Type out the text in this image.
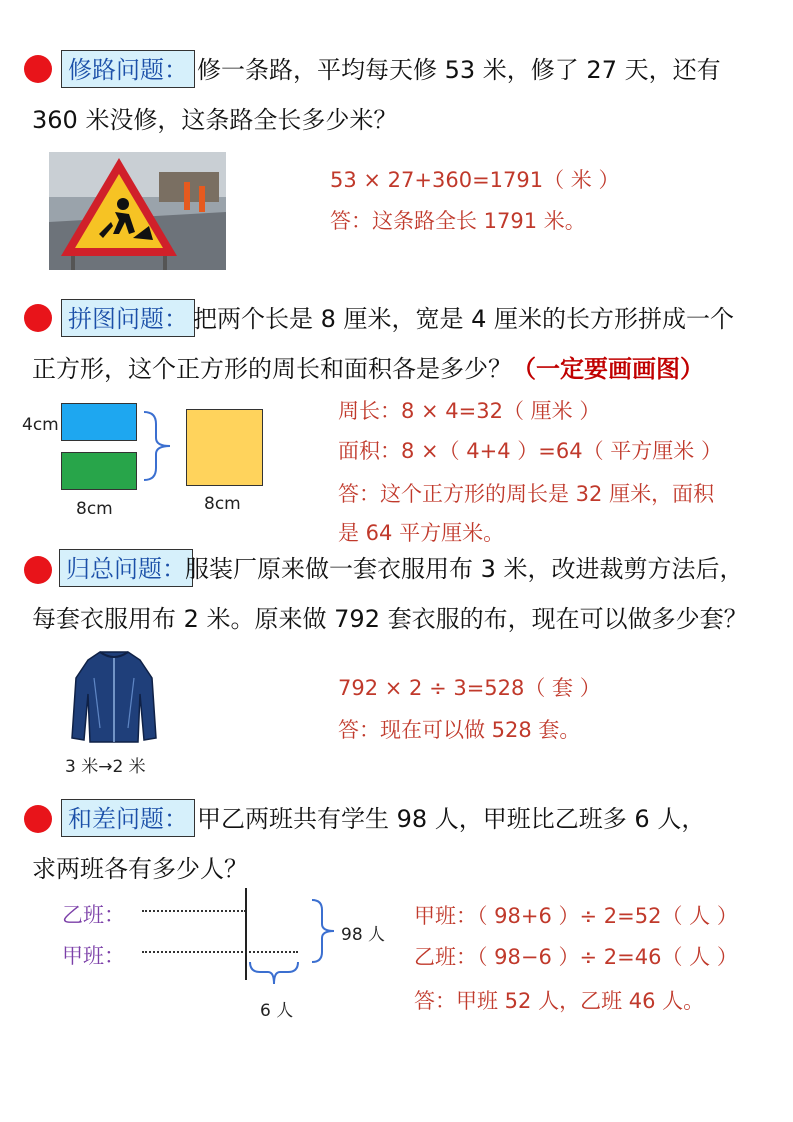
修路问题： 修一条路，平均每天修 53 米，修了 27 天，还有
360 米没修，这条路全长多少米？
53 × 27+360=1791（ 米 ）
答：这条路全长 1791 米。
拼图问题： 把两个长是 8 厘米，宽是 4 厘米的长方形拼成一个
正方形，这个正方形的周长和面积各是多少？（一定要画画图）
4cm
8cm	8cm
周长：8 × 4=32（ 厘米 ）
面积：8 ×（ 4+4 ）=64（ 平方厘米 ）
答：这个正方形的周长是 32 厘米，面积
是 64 平方厘米。
归总问题： 服装厂原来做一套衣服用布 3 米，改进裁剪方法后，
每套衣服用布 2 米。原来做 792 套衣服的布，现在可以做多少套？
3 米→2 米
792 × 2 ÷ 3=528（ 套 ）
答：现在可以做 528 套。
和差问题： 甲乙两班共有学生 98 人，甲班比乙班多 6 人，
求两班各有多少人？
乙班：
甲班：
98 人
6 人
甲班：（ 98+6 ）÷ 2=52（ 人 ）
乙班：（ 98−6 ）÷ 2=46（ 人 ）
答：甲班 52 人，乙班 46 人。
